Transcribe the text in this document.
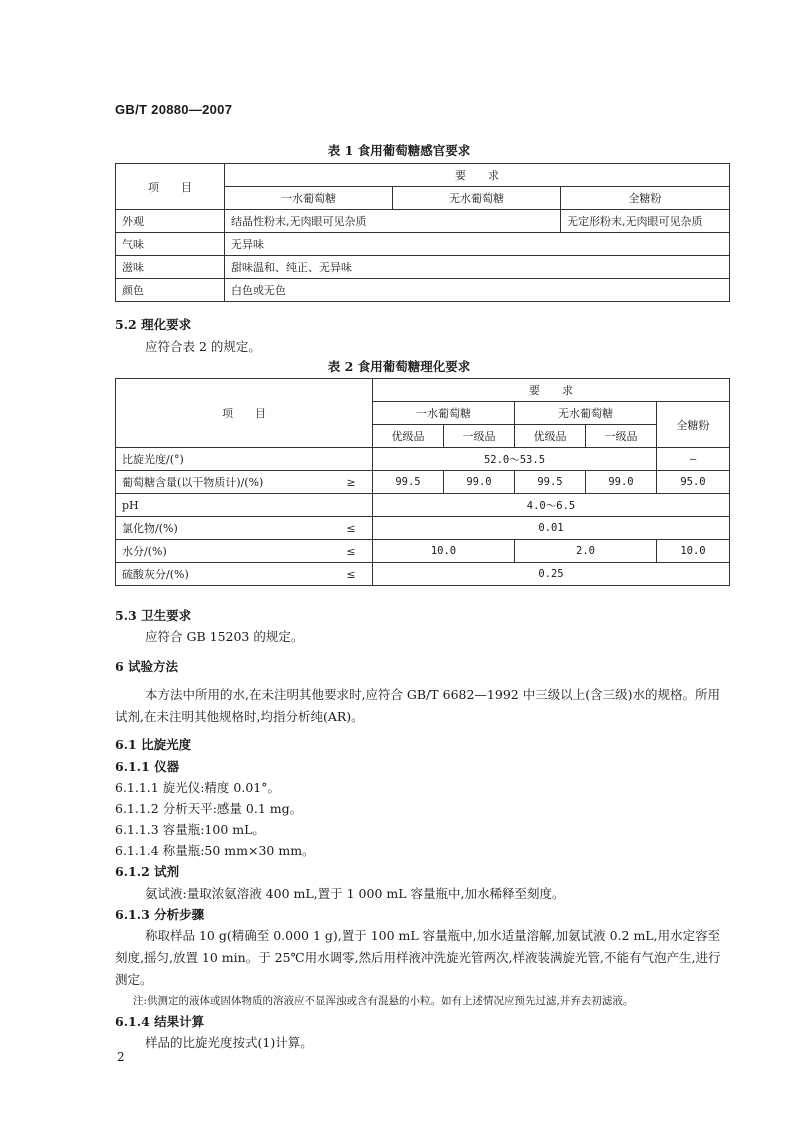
GB/T 20880—2007
表 1 食用葡萄糖感官要求
项　　目	要　　求		
	一水葡萄糖	无水葡萄糖	全糖粉
外观	结晶性粉末,无肉眼可见杂质		无定形粉末,无肉眼可见杂质
气味	无异味		
滋味	甜味温和、纯正、无异味		
颜色	白色或无色		
5.2 理化要求
应符合表 2 的规定。
表 2 食用葡萄糖理化要求
项　　目		要　　求				
		一水葡萄糖		无水葡萄糖		全糖粉
		优级品	一级品	优级品	一级品	
比旋光度/(°)		52.0～53.5				—
葡萄糖含量(以干物质计)/(%)	≥	99.5	99.0	99.5	99.0	95.0
pH		4.0～6.5				
氯化物/(%)	≤	0.01				
水分/(%)	≤	10.0		2.0		10.0
硫酸灰分/(%)	≤	0.25				
5.3 卫生要求
应符合 GB 15203 的规定。
6 试验方法
本方法中所用的水,在未注明其他要求时,应符合 GB/T 6682—1992 中三级以上(含三级)水的规格。所用试剂,在未注明其他规格时,均指分析纯(AR)。
6.1 比旋光度
6.1.1 仪器
6.1.1.1 旋光仪:精度 0.01°。
6.1.1.2 分析天平:感量 0.1 mg。
6.1.1.3 容量瓶:100 mL。
6.1.1.4 称量瓶:50 mm×30 mm。
6.1.2 试剂
氨试液:量取浓氨溶液 400 mL,置于 1 000 mL 容量瓶中,加水稀释至刻度。
6.1.3 分析步骤
称取样品 10 g(精确至 0.000 1 g),置于 100 mL 容量瓶中,加水适量溶解,加氨试液 0.2 mL,用水定容至刻度,摇匀,放置 10 min。于 25℃用水调零,然后用样液冲洗旋光管两次,样液装满旋光管,不能有气泡产生,进行测定。
注:供测定的液体或固体物质的溶液应不显浑浊或含有混悬的小粒。如有上述情况应预先过滤,并弃去初滤液。
6.1.4 结果计算
样品的比旋光度按式(1)计算。
2
